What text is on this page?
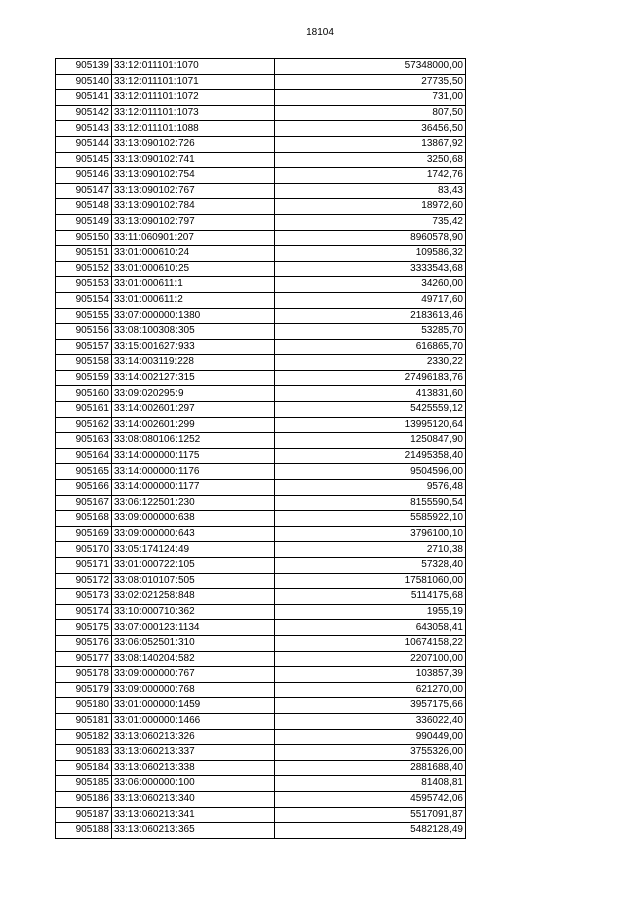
18104
905139	33:12:011101:1070	57348000,00
905140	33:12:011101:1071	27735,50
905141	33:12:011101:1072	731,00
905142	33:12:011101:1073	807,50
905143	33:12:011101:1088	36456,50
905144	33:13:090102:726	13867,92
905145	33:13:090102:741	3250,68
905146	33:13:090102:754	1742,76
905147	33:13:090102:767	83,43
905148	33:13:090102:784	18972,60
905149	33:13:090102:797	735,42
905150	33:11:060901:207	8960578,90
905151	33:01:000610:24	109586,32
905152	33:01:000610:25	3333543,68
905153	33:01:000611:1	34260,00
905154	33:01:000611:2	49717,60
905155	33:07:000000:1380	2183613,46
905156	33:08:100308:305	53285,70
905157	33:15:001627:933	616865,70
905158	33:14:003119:228	2330,22
905159	33:14:002127:315	27496183,76
905160	33:09:020295:9	413831,60
905161	33:14:002601:297	5425559,12
905162	33:14:002601:299	13995120,64
905163	33:08:080106:1252	1250847,90
905164	33:14:000000:1175	21495358,40
905165	33:14:000000:1176	9504596,00
905166	33:14:000000:1177	9576,48
905167	33:06:122501:230	8155590,54
905168	33:09:000000:638	5585922,10
905169	33:09:000000:643	3796100,10
905170	33:05:174124:49	2710,38
905171	33:01:000722:105	57328,40
905172	33:08:010107:505	17581060,00
905173	33:02:021258:848	5114175,68
905174	33:10:000710:362	1955,19
905175	33:07:000123:1134	643058,41
905176	33:06:052501:310	10674158,22
905177	33:08:140204:582	2207100,00
905178	33:09:000000:767	103857,39
905179	33:09:000000:768	621270,00
905180	33:01:000000:1459	3957175,66
905181	33:01:000000:1466	336022,40
905182	33:13:060213:326	990449,00
905183	33:13:060213:337	3755326,00
905184	33:13:060213:338	2881688,40
905185	33:06:000000:100	81408,81
905186	33:13:060213:340	4595742,06
905187	33:13:060213:341	5517091,87
905188	33:13:060213:365	5482128,49
